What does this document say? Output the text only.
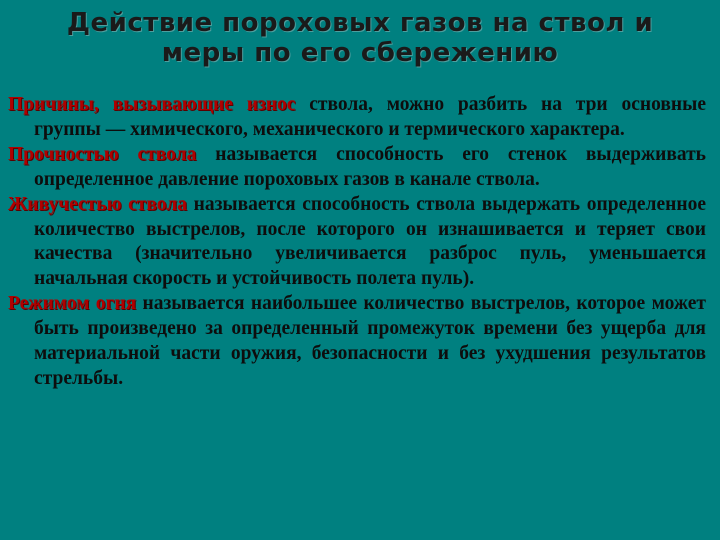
Действие пороховых газов на ствол и
меры по его сбережению

Причины, вызывающие износ ствола, можно разбить на три основные группы — химического, механического и термического характера.

Прочностью ствола называется способность его стенок выдерживать определенное давление пороховых газов в канале ствола.

Живучестью ствола называется способность ствола выдержать определенное количество выстрелов, после которого он изнашивается и теряет свои качества (значительно увеличивается разброс пуль, уменьшается начальная скорость и устойчивость полета пуль).

Режимом огня называется наибольшее количество выстрелов, которое может быть произведено за определенный промежуток времени без ущерба для материальной части оружия, безопасности и без ухудшения результатов стрельбы.
